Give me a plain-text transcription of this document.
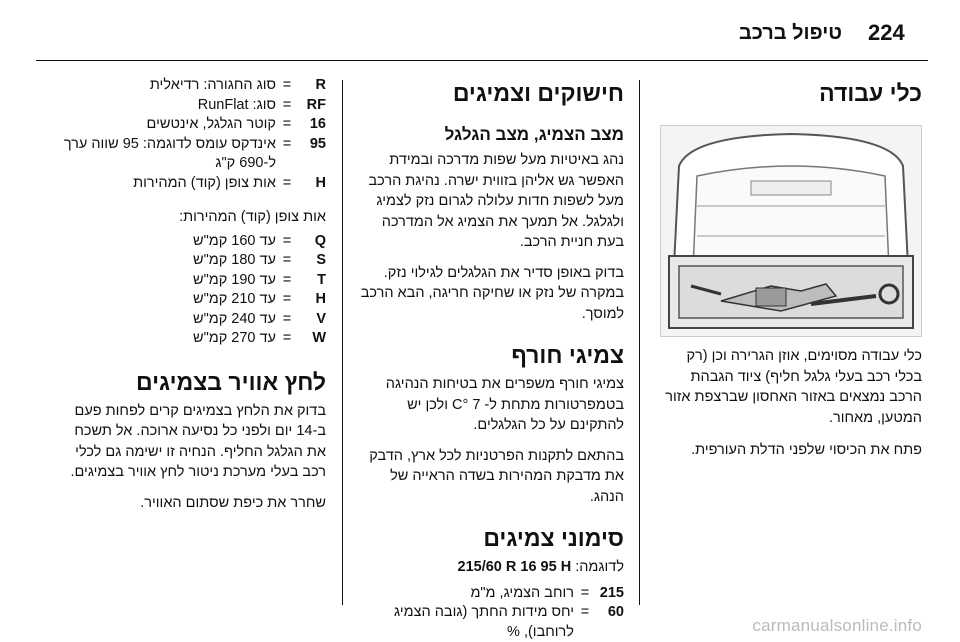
224
טיפול ברכב
כלי עבודה

כלי עבודה מסוימים, אוזן הגרירה וכן (רק בכלי רכב בעלי גלגל חליף) ציוד הגבהת הרכב נמצאים באזור האחסון שברצפת אזור המטען, מאחור.

פתח את הכיסוי שלפני הדלת העורפית.

חישוקים וצמיגים
מצב הצמיג, מצב הגלגל

נהג באיטיות מעל שפות מדרכה ובמידת האפשר גש אליהן בזווית ישרה. נהיגת הרכב מעל לשפות חדות עלולה לגרום נזק לצמיג ולגלגל. אל תמעך את הצמיג אל המדרכה בעת חניית הרכב.

בדוק באופן סדיר את הגלגלים לגילוי נזק. במקרה של נזק או שחיקה חריגה, הבא הרכב למוסך.

צמיגי חורף

צמיגי חורף משפרים את בטיחות הנהיגה בטמפרטורות מתחת ל- 7 °C ולכן יש להתקינם על כל הגלגלים.

בהתאם לתקנות הפרטניות לכל ארץ, הדבק את מדבקת המהירות בשדה הראייה של הנהג.

סימוני צמיגים

לדוגמה: 215/60 R 16 95 H

215
=
רוחב הצמיג, מ"מ
60
=
יחס מידות החתך (גובה הצמיג לרוחבו), %
R
=
סוג החגורה: רדיאלית
RF
=
סוג: RunFlat
16
=
קוטר הגלגל, אינטשים
95
=
אינדקס עומס לדוגמה: 95 שווה ערך ל-690 ק"ג
H
=
אות צופן (קוד) המהירות

אות צופן (קוד) המהירות:

Q
=
עד 160 קמ"ש
S
=
עד 180 קמ"ש
T
=
עד 190 קמ"ש
H
=
עד 210 קמ"ש
V
=
עד 240 קמ"ש
W
=
עד 270 קמ"ש
לחץ אוויר בצמיגים

בדוק את הלחץ בצמיגים קרים לפחות פעם ב-14 יום ולפני כל נסיעה ארוכה. אל תשכח את הגלגל החליף. הנחיה זו ישימה גם לכלי רכב בעלי מערכת ניטור לחץ אוויר בצמיגים.

שחרר את כיפת שסתום האוויר.

carmanualsonline.info
